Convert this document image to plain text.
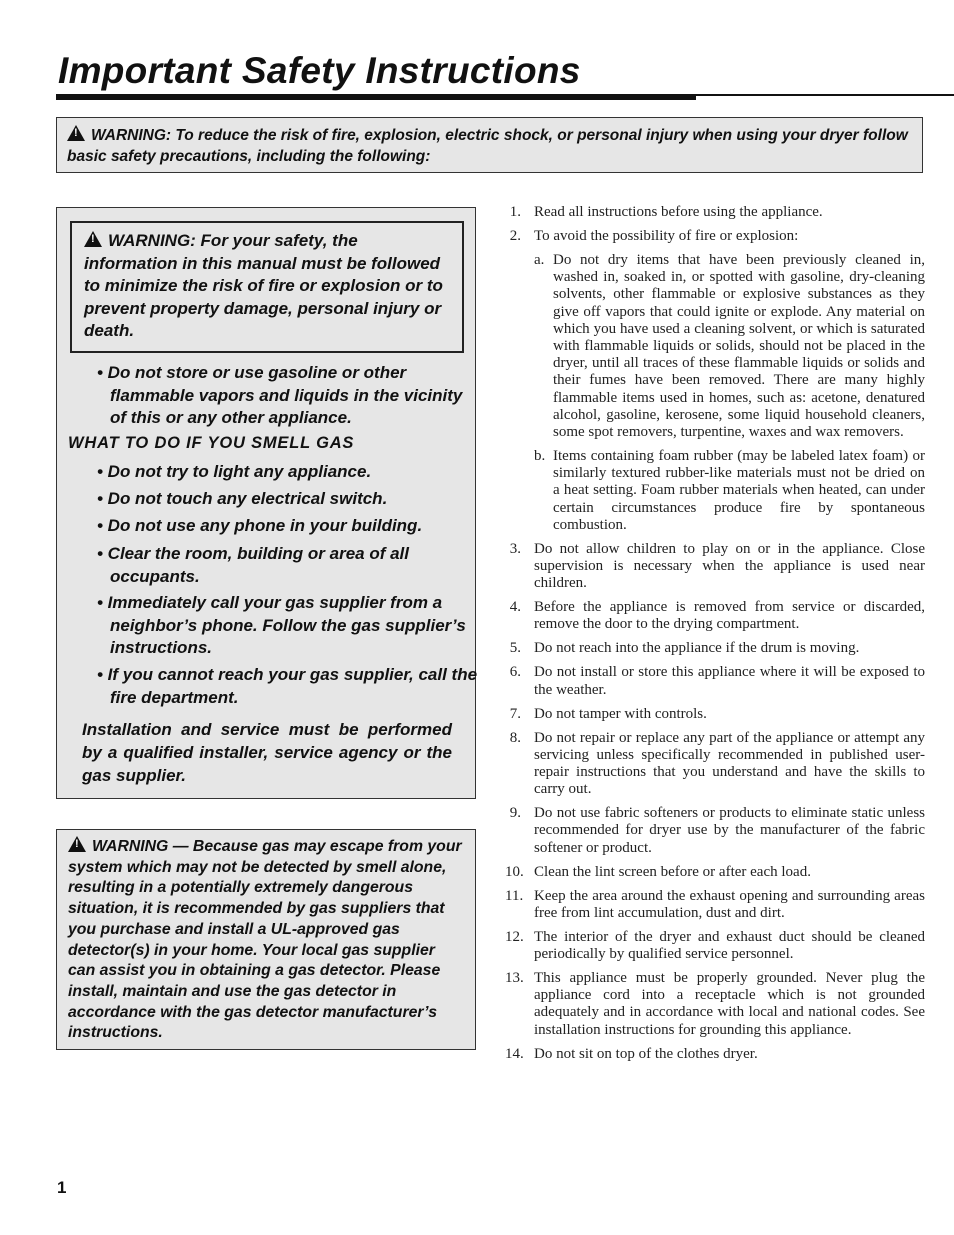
Important Safety Instructions
!WARNING: To reduce the risk of fire, explosion, electric shock, or personal injury when using your dryer follow basic safety precautions, including the following:
!WARNING: For your safety, the information in this manual must be followed to minimize the risk of fire or explosion or to prevent property damage, personal injury or death.

• Do not store or use gasoline or other flammable vapors and liquids in the vicinity of this or any other appliance.

WHAT TO DO IF YOU SMELL GAS

• Do not try to light any appliance.

• Do not touch any electrical switch.

• Do not use any phone in your building.

• Clear the room, building or area of all occupants.

• Immediately call your gas supplier from a neighbor’s phone. Follow the gas supplier’s instructions.

• If you cannot reach your gas supplier, call the fire department.

Installation and service must be performed by a qualified installer, service agency or the gas supplier.

!WARNING — Because gas may escape from your system which may not be detected by smell alone, resulting in a potentially extremely dangerous situation, it is recommended by gas suppliers that you purchase and install a UL-approved gas detector(s) in your home. Your local gas supplier can assist you in obtaining a gas detector. Please install, maintain and use the gas detector in accordance with the gas detector manufacturer’s instructions.
1. Read all instructions before using the appliance.
2. To avoid the possibility of fire or explosion:
a. Do not dry items that have been previously cleaned in, washed in, soaked in, or spotted with gasoline, dry-cleaning solvents, other flammable or explosive substances as they give off vapors that could ignite or explode. Any material on which you have used a cleaning solvent, or which is saturated with flammable liquids or solids, should not be placed in the dryer, until all traces of these flammable liquids or solids and their fumes have been removed. There are many highly flammable items used in homes, such as: acetone, denatured alcohol, gasoline, kerosene, some liquid household cleaners, some spot removers, turpentine, waxes and wax removers.
b. Items containing foam rubber (may be labeled latex foam) or similarly textured rubber-like materials must not be dried on a heat setting. Foam rubber materials when heated, can under certain circumstances produce fire by spontaneous combustion.
3. Do not allow children to play on or in the appliance. Close supervision is necessary when the appliance is used near children.
4. Before the appliance is removed from service or discarded, remove the door to the drying compartment.
5. Do not reach into the appliance if the drum is moving.
6. Do not install or store this appliance where it will be exposed to the weather.
7. Do not tamper with controls.
8. Do not repair or replace any part of the appliance or attempt any servicing unless specifically recommended in published user-repair instructions that you understand and have the skills to carry out.
9. Do not use fabric softeners or products to eliminate static unless recommended for dryer use by the manufacturer of the fabric softener or product.
10. Clean the lint screen before or after each load.
11. Keep the area around the exhaust opening and surrounding areas free from lint accumulation, dust and dirt.
12. The interior of the dryer and exhaust duct should be cleaned periodically by qualified service personnel.
13. This appliance must be properly grounded. Never plug the appliance cord into a receptacle which is not grounded adequately and in accordance with local and national codes. See installation instructions for grounding this appliance.
14. Do not sit on top of the clothes dryer.
1
